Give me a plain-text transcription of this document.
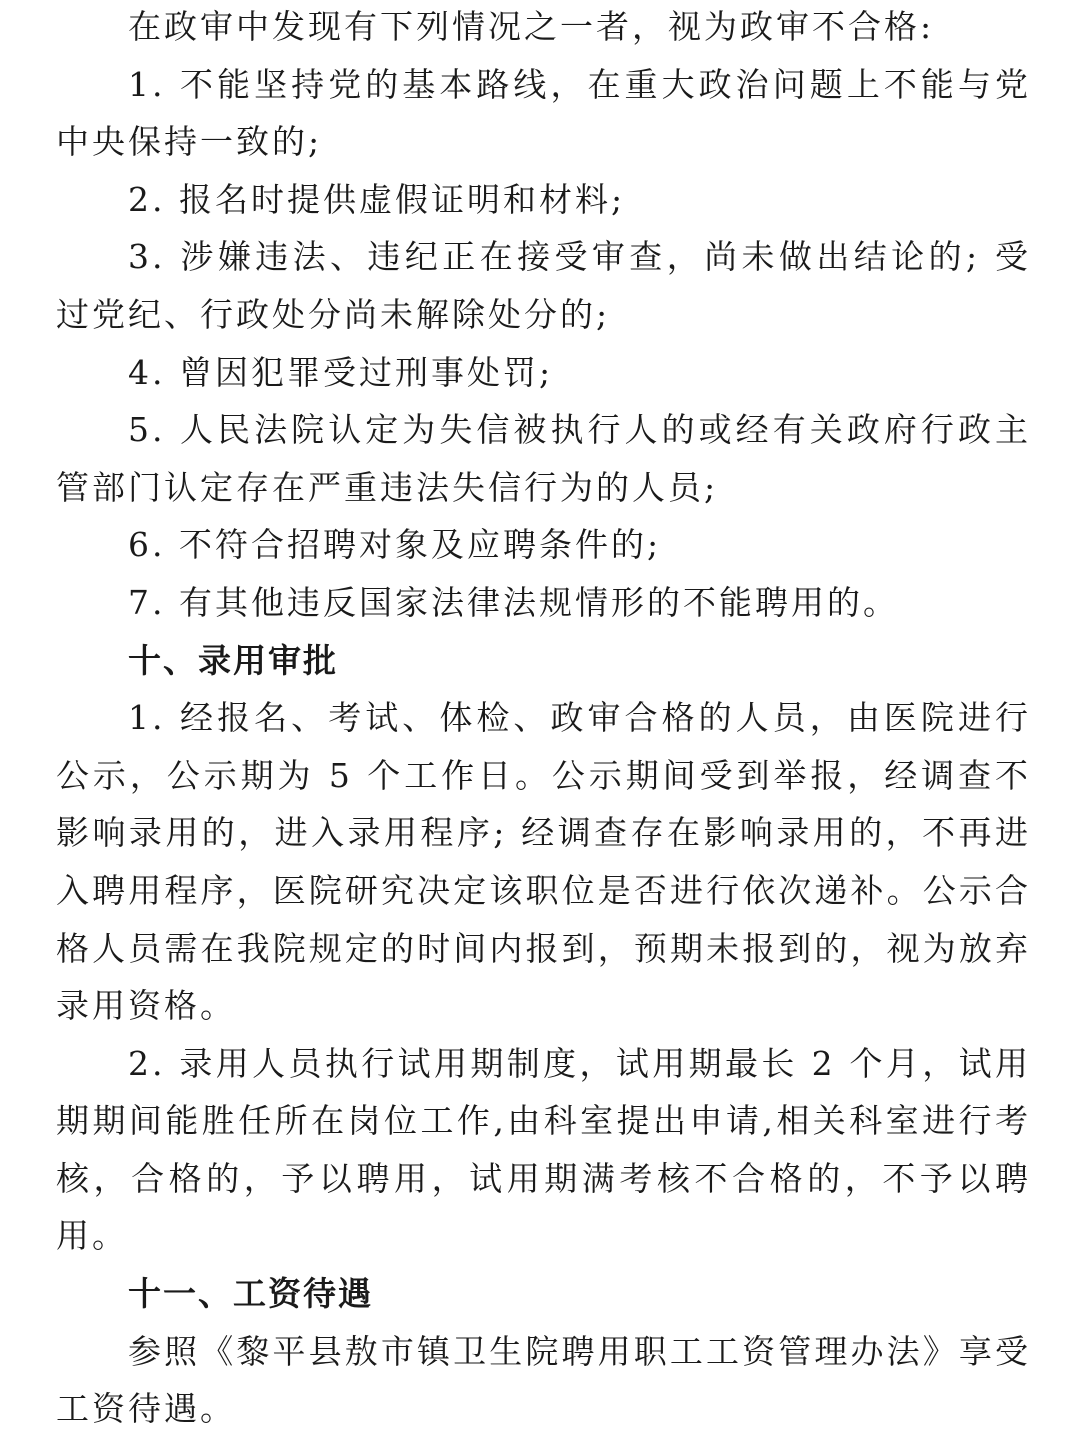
在政审中发现有下列情况之一者，视为政审不合格:

1. 不能坚持党的基本路线，在重大政治问题上不能与党中央保持一致的;

2. 报名时提供虚假证明和材料;

3. 涉嫌违法、违纪正在接受审查，尚未做出结论的; 受过党纪、行政处分尚未解除处分的;

4. 曾因犯罪受过刑事处罚;

5. 人民法院认定为失信被执行人的或经有关政府行政主管部门认定存在严重违法失信行为的人员;

6. 不符合招聘对象及应聘条件的;

7. 有其他违反国家法律法规情形的不能聘用的。

十、录用审批

1. 经报名、考试、体检、政审合格的人员，由医院进行公示，公示期为 5 个工作日。公示期间受到举报，经调查不影响录用的，进入录用程序; 经调查存在影响录用的，不再进入聘用程序，医院研究决定该职位是否进行依次递补。公示合格人员需在我院规定的时间内报到，预期未报到的，视为放弃录用资格。

2. 录用人员执行试用期制度，试用期最长 2 个月，试用期期间能胜任所在岗位工作,由科室提出申请,相关科室进行考核，合格的，予以聘用，试用期满考核不合格的，不予以聘用。

十一、工资待遇

参照《黎平县敖市镇卫生院聘用职工工资管理办法》享受工资待遇。
